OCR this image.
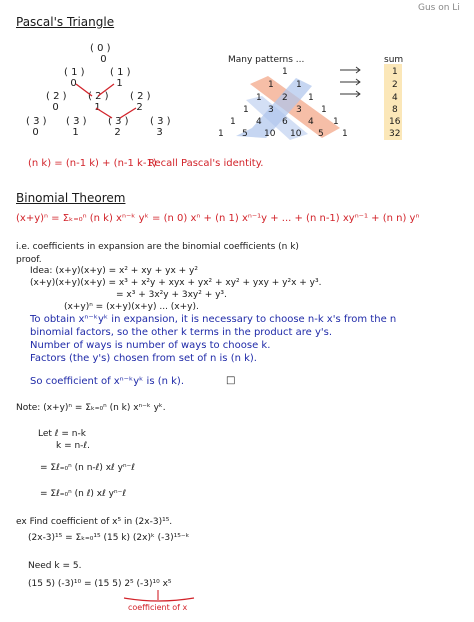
Gus on Li
Pascal's Triangle
( 0 )
0
( 1 )
0
( 1 )
1
( 2 )
0
( 2 )
1
( 2 )
2
( 3 )
0
( 3 )
1
( 3 )
2
( 3 )
3
Many patterns ...	sum
1
1 1
1 2 1
1 3 3 1
1 4 6 4 1
1 5 10 10 5 1
1
2
4
8
16
32
(n k) = (n-1 k) + (n-1 k-1)
Recall Pascal's identity.
Binomial Theorem
(x+y)ⁿ = Σₖ₌₀ⁿ (n k) xⁿ⁻ᵏ yᵏ = (n 0) xⁿ + (n 1) xⁿ⁻¹y + ... + (n n-1) xyⁿ⁻¹ + (n n) yⁿ
i.e. coefficients in expansion are the binomial coefficients (n k)
proof.
Idea: (x+y)(x+y) = x² + xy + yx + y²
(x+y)(x+y)(x+y) = x³ + x²y + xyx + yx² + xy² + yxy + y²x + y³.
= x³ + 3x²y + 3xy² + y³.
(x+y)ⁿ = (x+y)(x+y) ... (x+y).
To obtain xⁿ⁻ᵏyᵏ in expansion, it is necessary to choose n-k x's from the n
binomial factors, so the other k terms in the product are y's.
Number of ways is number of ways to choose k.
Factors (the y's) chosen from set of n is (n k).
So coefficient of xⁿ⁻ᵏyᵏ is (n k).	□
Note: (x+y)ⁿ = Σₖ₌₀ⁿ (n k) xⁿ⁻ᵏ yᵏ.
Let ℓ = n-k
k = n-ℓ.
= Σℓ₌₀ⁿ (n n-ℓ) xℓ yⁿ⁻ℓ
= Σℓ₌₀ⁿ (n ℓ) xℓ yⁿ⁻ℓ
ex Find coefficient of x⁵ in (2x-3)¹⁵.
(2x-3)¹⁵ = Σₖ₌₀¹⁵ (15 k) (2x)ᵏ (-3)¹⁵⁻ᵏ
Need k = 5.
(15 5) (-3)¹⁰ = (15 5) 2⁵ (-3)¹⁰ x⁵
coefficient of x
